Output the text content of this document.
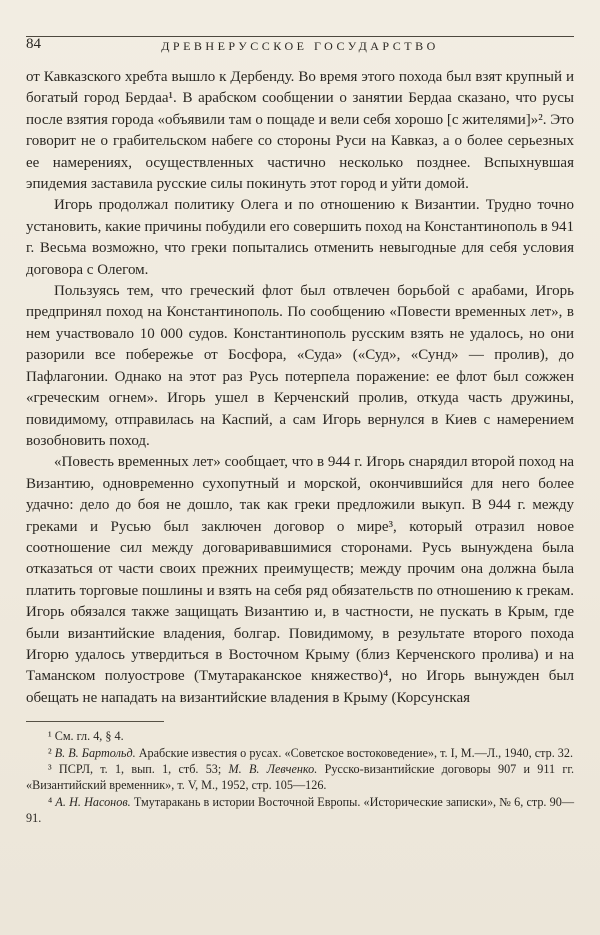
84	ДРЕВНЕРУССКОЕ ГОСУДАРСТВО

от Кавказского хребта вышло к Дербенду. Во время этого похода был взят крупный и богатый город Бердаа¹. В арабском сообщении о занятии Бердаа сказано, что русы после взятия города «объявили там о пощаде и вели себя хорошо [с жителями]»². Это говорит не о грабительском набеге со стороны Руси на Кавказ, а о более серьезных ее намерениях, осуществленных частично несколько позднее. Вспыхнувшая эпидемия заставила русские силы покинуть этот город и уйти домой.

Игорь продолжал политику Олега и по отношению к Византии. Трудно точно установить, какие причины побудили его совершить поход на Константинополь в 941 г. Весьма возможно, что греки попытались отменить невыгодные для себя условия договора с Олегом.

Пользуясь тем, что греческий флот был отвлечен борьбой с арабами, Игорь предпринял поход на Константинополь. По сообщению «Повести временных лет», в нем участвовало 10 000 судов. Константинополь русским взять не удалось, но они разорили все побережье от Босфора, «Суда» («Суд», «Сунд» — пролив), до Пафлагонии. Однако на этот раз Русь потерпела поражение: ее флот был сожжен «греческим огнем». Игорь ушел в Керченский пролив, откуда часть дружины, повидимому, отправилась на Каспий, а сам Игорь вернулся в Киев с намерением возобновить поход.

«Повесть временных лет» сообщает, что в 944 г. Игорь снарядил второй поход на Византию, одновременно сухопутный и морской, окончившийся для него более удачно: дело до боя не дошло, так как греки предложили выкуп. В 944 г. между греками и Русью был заключен договор о мире³, который отразил новое соотношение сил между договаривавшимися сторонами. Русь вынуждена была отказаться от части своих прежних преимуществ; между прочим она должна была платить торговые пошлины и взять на себя ряд обязательств по отношению к грекам. Игорь обязался также защищать Византию и, в частности, не пускать в Крым, где были византийские владения, болгар. Повидимому, в результате второго похода Игорю удалось утвердиться в Восточном Крыму (близ Керченского пролива) и на Таманском полуострове (Тмутараканское княжество)⁴, но Игорь вынужден был обещать не нападать на византийские владения в Крыму (Корсунская

¹ См. гл. 4, § 4.

² В. В. Бартольд. Арабские известия о русах. «Советское востоковедение», т. I, М.—Л., 1940, стр. 32.

³ ПСРЛ, т. 1, вып. 1, стб. 53; М. В. Левченко. Русско-византийские договоры 907 и 911 гг. «Византийский временник», т. V, М., 1952, стр. 105—126.

⁴ А. Н. Насонов. Тмутаракань в истории Восточной Европы. «Исторические записки», № 6, стр. 90—91.
